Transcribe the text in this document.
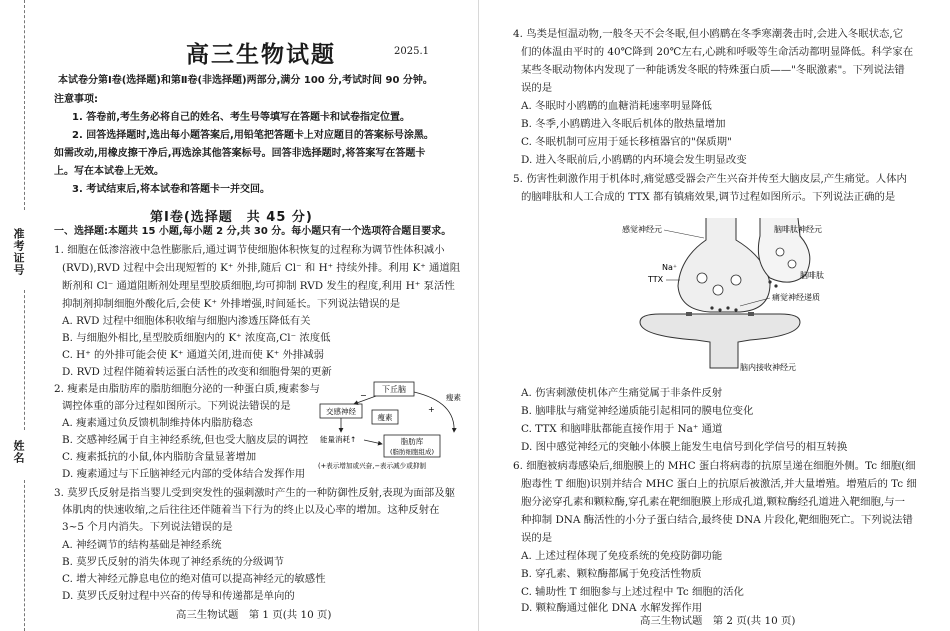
准考证号
姓名
高三生物试题	2025.1
本试卷分第Ⅰ卷(选择题)和第Ⅱ卷(非选择题)两部分,满分 100 分,考试时间 90 分钟。
注意事项:
1. 答卷前,考生务必将自己的姓名、考生号等填写在答题卡和试卷指定位置。
2. 回答选择题时,选出每小题答案后,用铅笔把答题卡上对应题目的答案标号涂黑。
如需改动,用橡皮擦干净后,再选涂其他答案标号。回答非选择题时,将答案写在答题卡
上。写在本试卷上无效。
3. 考试结束后,将本试卷和答题卡一并交回。
第Ⅰ卷(选择题　共 45 分)
一、选择题:本题共 15 小题,每小题 2 分,共 30 分。每小题只有一个选项符合题目要求。
1. 细胞在低渗溶液中急性膨胀后,通过调节使细胞体积恢复的过程称为调节性体积减小
(RVD),RVD 过程中会出现短暂的 K⁺ 外排,随后 Cl⁻ 和 H⁺ 持续外排。利用 K⁺ 通道阻
断剂和 Cl⁻ 通道阻断剂处理星型胶质细胞,均可抑制 RVD 发生的程度,利用 H⁺ 泵活性
抑制剂抑制细胞外酸化后,会使 K⁺ 外排增强,时间延长。下列说法错误的是
A. RVD 过程中细胞体积收缩与细胞内渗透压降低有关
B. 与细胞外相比,星型胶质细胞内的 K⁺ 浓度高,Cl⁻ 浓度低
C. H⁺ 的外排可能会使 K⁺ 通道关闭,进而使 K⁺ 外排减弱
D. RVD 过程伴随着转运蛋白活性的改变和细胞骨架的更新
2. 瘦素是由脂肪库的脂肪细胞分泌的一种蛋白质,瘦素参与
调控体重的部分过程如图所示。下列说法错误的是
A. 瘦素通过负反馈机制维持体内脂肪稳态
B. 交感神经属于自主神经系统,但也受大脑皮层的调控
C. 瘦素抵抗的小鼠,体内脂肪含量显著增加
D. 瘦素通过与下丘脑神经元内部的受体结合发挥作用
下丘脑
交感神经
瘦素
瘦素
+
−
能量消耗↑	脂肪库
(脂肪细胞组成)
(+表示增加或兴奋,−表示减少或抑制
3. 莫罗氏反射是指当婴儿受到突发性的强刺激时产生的一种防御性反射,表现为面部及躯
体肌肉的快速收缩,之后往往还伴随着当下行为的终止以及心率的增加。这种反射在
3~5 个月内消失。下列说法错误的是
A. 神经调节的结构基础是神经系统
B. 莫罗氏反射的消失体现了神经系统的分级调节
C. 增大神经元静息电位的绝对值可以提高神经元的敏感性
D. 莫罗氏反射过程中兴奋的传导和传递都是单向的
高三生物试题　第 1 页(共 10 页)
4. 鸟类是恒温动物,一般冬天不会冬眠,但小鸥鹛在冬季寒潮袭击时,会进入冬眠状态,它
们的体温由平时的 40℃降到 20℃左右,心跳和呼吸等生命活动都明显降低。科学家在
某些冬眠动物体内发现了一种能诱发冬眠的特殊蛋白质——"冬眠激素"。下列说法错
误的是
A. 冬眠时小鸥鹛的血糖消耗速率明显降低
B. 冬季,小鸥鹛进入冬眠后机体的散热量增加
C. 冬眠机制可应用于延长移植器官的"保质期"
D. 进入冬眠前后,小鸥鹛的内环境会发生明显改变
5. 伤害性刺激作用于机体时,痛觉感受器会产生兴奋并传至大脑皮层,产生痛觉。人体内
的脑啡肽和人工合成的 TTX 都有镇痛效果,调节过程如图所示。下列说法正确的是
感觉神经元	脑啡肽神经元
Na⁺
TTX	脑啡肽
痛觉神经递质
脑内接收神经元
A. 伤害刺激使机体产生痛觉属于非条件反射
B. 脑啡肽与痛觉神经递质能引起相同的膜电位变化
C. TTX 和脑啡肽都能直接作用于 Na⁺ 通道
D. 图中感觉神经元的突触小体膜上能发生电信号到化学信号的相互转换
6. 细胞被病毒感染后,细胞膜上的 MHC 蛋白将病毒的抗原呈递在细胞外侧。Tc 细胞(细
胞毒性 T 细胞)识别并结合 MHC 蛋白上的抗原后被激活,并大量增殖。增殖后的 Tc 细
胞分泌穿孔素和颗粒酶,穿孔素在靶细胞膜上形成孔道,颗粒酶经孔道进入靶细胞,与一
种抑制 DNA 酶活性的小分子蛋白结合,最终使 DNA 片段化,靶细胞死亡。下列说法错
误的是
A. 上述过程体现了免疫系统的免疫防御功能
B. 穿孔素、颗粒酶都属于免疫活性物质
C. 辅助性 T 细胞参与上述过程中 Tc 细胞的活化
D. 颗粒酶通过催化 DNA 水解发挥作用
高三生物试题　第 2 页(共 10 页)
